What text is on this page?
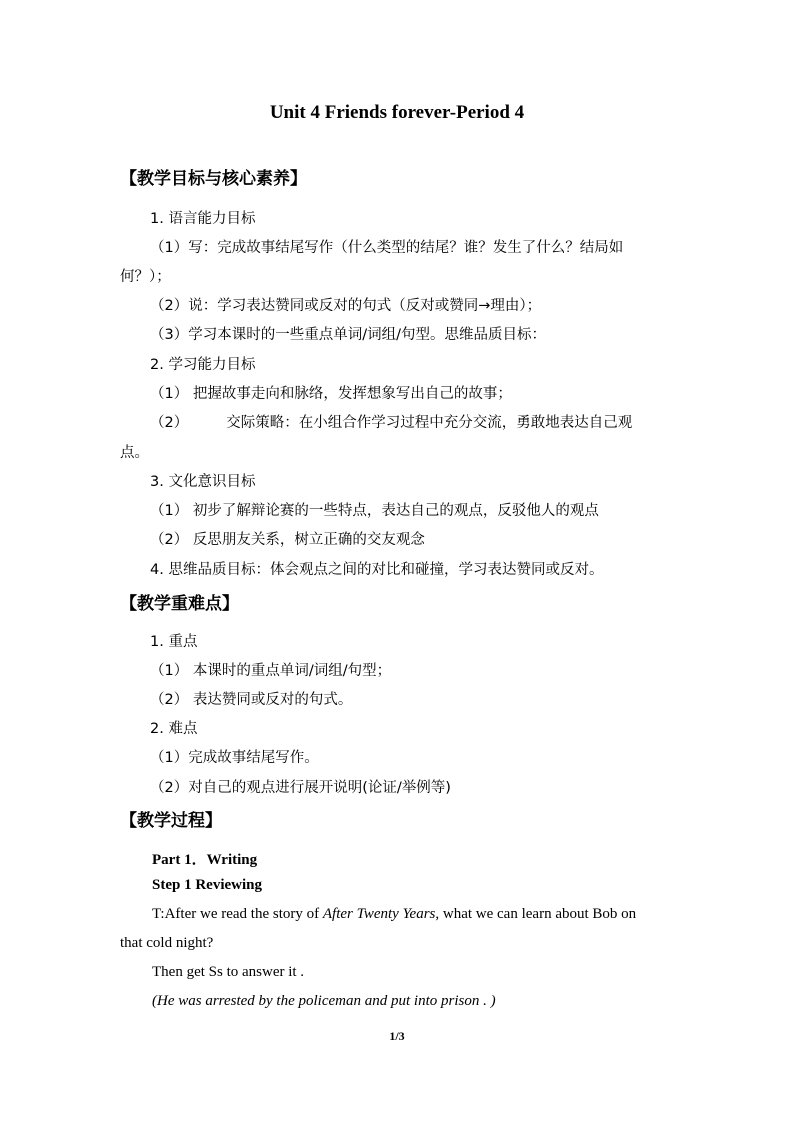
Unit 4 Friends forever-Period 4
【教学目标与核心素养】
1. 语言能力目标
（1）写：完成故事结尾写作（什么类型的结尾？谁？发生了什么？结局如
何？）；
（2）说：学习表达赞同或反对的句式（反对或赞同→理由）；
（3）学习本课时的一些重点单词/词组/句型。思维品质目标：
2. 学习能力目标
（1） 把握故事走向和脉络，发挥想象写出自己的故事；
（2）	交际策略：在小组合作学习过程中充分交流，勇敢地表达自己观
点。
3. 文化意识目标
（1） 初步了解辩论赛的一些特点，表达自己的观点，反驳他人的观点
（2） 反思朋友关系，树立正确的交友观念
4. 思维品质目标：体会观点之间的对比和碰撞，学习表达赞同或反对。
【教学重难点】
1. 重点
（1） 本课时的重点单词/词组/句型；
（2） 表达赞同或反对的句式。
2. 难点
（1）完成故事结尾写作。
（2）对自己的观点进行展开说明(论证/举例等)
【教学过程】
Part 1．Writing
Step 1 Reviewing
T:After we read the story of After Twenty Years, what we can learn about Bob on
that cold night?
Then get Ss to answer it .
(He was arrested by the policeman and put into prison . )
1/3
